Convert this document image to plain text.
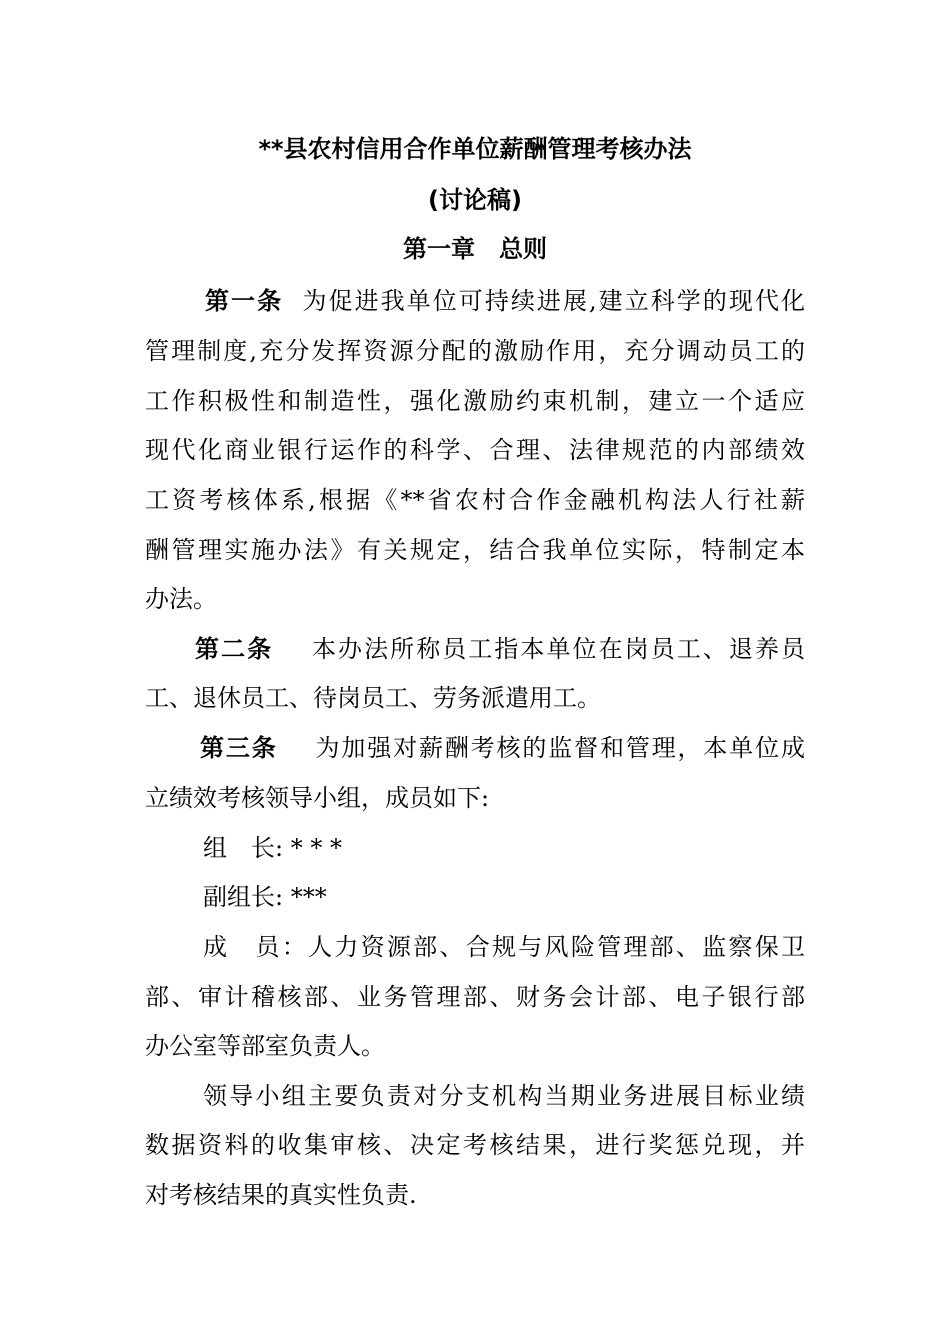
**县农村信用合作单位薪酬管理考核办法
(讨论稿)
第一章　总则
第一条 为促进我单位可持续进展,建立科学的现代化
管理制度,充分发挥资源分配的激励作用，充分调动员工的
工作积极性和制造性，强化激励约束机制，建立一个适应
现代化商业银行运作的科学、合理、法律规范的内部绩效
工资考核体系,根据《**省农村合作金融机构法人行社薪
酬管理实施办法》有关规定，结合我单位实际，特制定本
办法。
第二条 本办法所称员工指本单位在岗员工、退养员
工、退休员工、待岗员工、劳务派遣用工。
第三条 为加强对薪酬考核的监督和管理，本单位成
立绩效考核领导小组，成员如下:
组　长: * * *
副组长: ***
成　员：人力资源部、合规与风险管理部、监察保卫
部、审计稽核部、业务管理部、财务会计部、电子银行部
办公室等部室负责人。
领导小组主要负责对分支机构当期业务进展目标业绩
数据资料的收集审核、决定考核结果，进行奖惩兑现，并
对考核结果的真实性负责.
